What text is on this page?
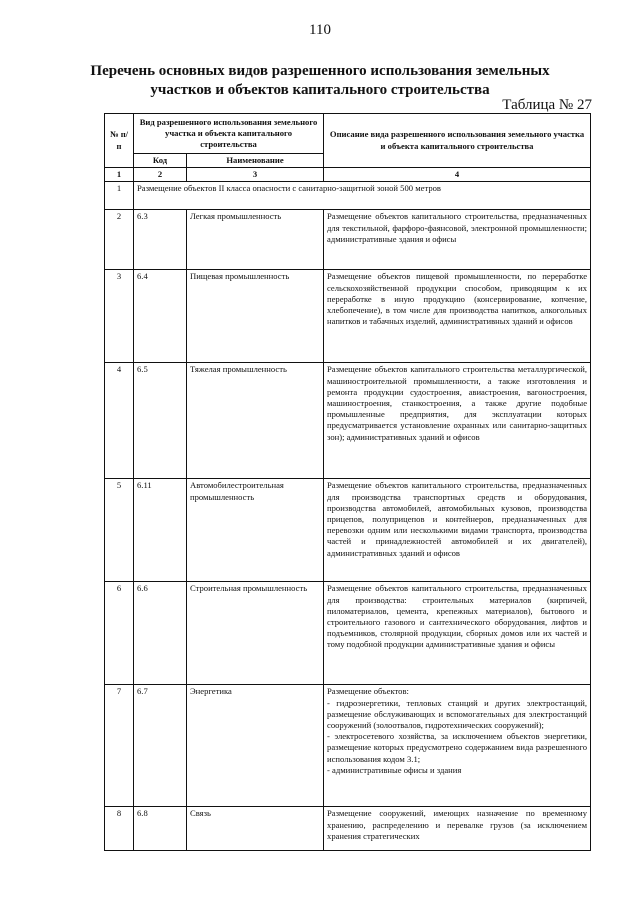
110
Перечень основных видов разрешенного использования земельных участков и объектов капитального строительства
Таблица № 27
№ п/п	Вид разрешенного использования земельного участка и объекта капитального строительства		Описание вида разрешенного использования земельного участка и объекта капитального строительства
	Код	Наименование	
1	2	3	4
1	Размещение объектов II класса опасности с санитарно-защитной зоной 500 метров		
2	6.3	Легкая промышленность	Размещение объектов капитального строительства, предназначенных для текстильной, фарфоро-фаянсовой, электронной промышленности; административные здания и офисы
3	6.4	Пищевая промышленность	Размещение объектов пищевой промышленности, по переработке сельскохозяйственной продукции способом, приводящим к их переработке в иную продукцию (консервирование, копчение, хлебопечение), в том числе для производства напитков, алкогольных напитков и табачных изделий, административных зданий и офисов
4	6.5	Тяжелая промышленность	Размещение объектов капитального строительства металлургической, машиностроительной промышленности, а также изготовления и ремонта продукции судостроения, авиастроения, вагоностроения, машиностроения, станкостроения, а также другие подобные промышленные предприятия, для эксплуатации которых предусматривается установление охранных или санитарно-защитных зон); административных зданий и офисов
5	6.11	Автомобилестроительная промышленность	Размещение объектов капитального строительства, предназначенных для производства транспортных средств и оборудования, производства автомобилей, автомобильных кузовов, производства прицепов, полуприцепов и контейнеров, предназначенных для перевозки одним или несколькими видами транспорта, производства частей и принадлежностей автомобилей и их двигателей), административных зданий и офисов
6	6.6	Строительная промышленность	Размещение объектов капитального строительства, предназначенных для производства: строительных материалов (кирпичей, пиломатериалов, цемента, крепежных материалов), бытового и строительного газового и сантехнического оборудования, лифтов и подъемников, столярной продукции, сборных домов или их частей и тому подобной продукции административные здания и офисы
7	6.7	Энергетика	Размещение объектов:
- гидроэнергетики, тепловых станций и других электростанций, размещение обслуживающих и вспомогательных для электростанций сооружений (золоотвалов, гидротехнических сооружений);
- электросетевого хозяйства, за исключением объектов энергетики, размещение которых предусмотрено содержанием вида разрешенного использования кодом 3.1;
- административные офисы и здания
8	6.8	Связь	Размещение сооружений, имеющих назначение по временному хранению, распределению и перевалке грузов (за исключением хранения стратегических
